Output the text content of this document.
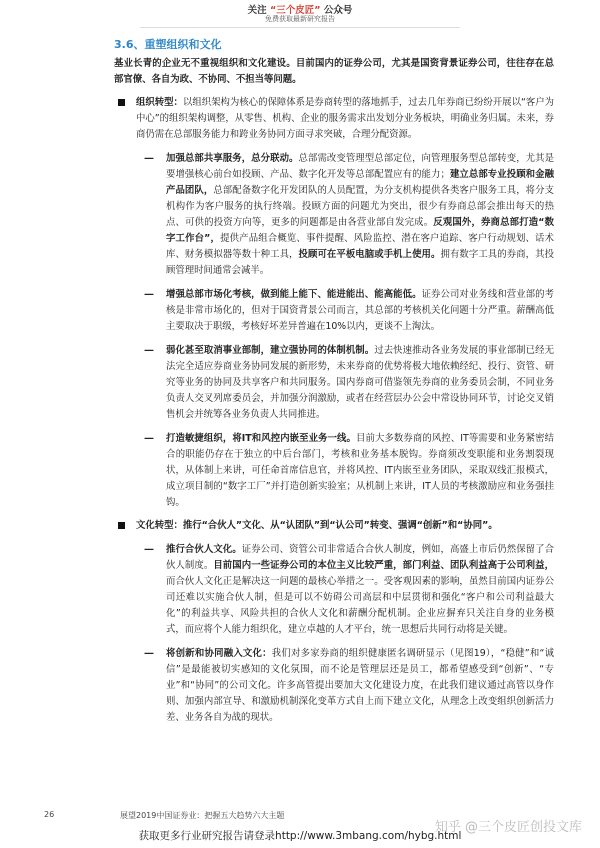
关注 “三个皮匠” 公众号
免费获取最新研究报告
3.6、重塑组织和文化

基业长青的企业无不重视组织和文化建设。目前国内的证券公司，尤其是国资背景证券公司，往往存在总部官僚、各自为政、不协同、不担当等问题。

组织转型：以组织架构为核心的保障体系是券商转型的落地抓手，过去几年券商已纷纷开展以“客户为中心”的组织架构调整，从零售、机构、企业的服务需求出发划分业务板块，明确业务归属。未来，券商仍需在总部服务能力和跨业务协同方面寻求突破，合理分配资源。

— 加强总部共享服务，总分联动。总部需改变管理型总部定位，向管理服务型总部转变，尤其是要增强核心前台如投顾、产品、数字化开发等总部配置应有的能力；建立总部专业投顾和金融产品团队，总部配备数字化开发团队的人员配置，为分支机构提供各类客户服务工具，将分支机构作为客户服务的执行终端。投顾方面的问题尤为突出，很少有券商总部会推出每天的热点、可供的投资方向等，更多的问题都是由各营业部自发完成。反观国外，券商总部打造“数字工作台”，提供产品组合概览、事件提醒、风险监控、潜在客户追踪、客户行动规划、话术库、财务模拟器等数十种工具，投顾可在平板电脑或手机上使用。拥有数字工具的券商，其投顾管理时间通常会减半。

— 增强总部市场化考核，做到能上能下、能进能出、能高能低。证券公司对业务线和营业部的考核是非常市场化的，但对于国资背景公司而言，其总部的考核机关化问题十分严重。薪酬高低主要取决于职级，考核好坏差异普遍在10%以内，更谈不上淘汰。

— 弱化甚至取消事业部制，建立强协同的体制机制。过去快速推动各业务发展的事业部制已经无法完全适应券商业务协同发展的新形势，未来券商的优势将极大地依赖经纪、投行、资管、研究等业务的协同及共享客户和共同服务。国内券商可借鉴领先券商的业务委员会制，不同业务负责人交叉列席委员会，并加强分润激励，或者在经营层办公会中常设协同环节，讨论交叉销售机会并统筹各业务负责人共同推进。

— 打造敏捷组织，将IT和风控内嵌至业务一线。目前大多数券商的风控、IT等需要和业务紧密结合的职能仍存在于独立的中后台部门，考核和业务基本脱钩。券商须改变职能和业务割裂现状，从体制上来讲，可任命首席信息官，并将风控、IT内嵌至业务团队，采取双线汇报模式，成立项目制的“数字工厂”并打造创新实验室；从机制上来讲，IT人员的考核激励应和业务强挂钩。

文化转型：推行“合伙人”文化、从“认团队”到“认公司”转变、强调“创新”和“协同”。

— 推行合伙人文化。证券公司、资管公司非常适合合伙人制度，例如，高盛上市后仍然保留了合伙人制度。目前国内一些证券公司的本位主义比较严重，部门利益、团队利益高于公司利益，而合伙人文化正是解决这一问题的最核心举措之一。受客观因素的影响，虽然目前国内证券公司还难以实施合伙人制，但是可以不妨碍公司高层和中层贯彻和强化“客户和公司利益最大化”的利益共享、风险共担的合伙人文化和薪酬分配机制。企业应摒弃只关注自身的业务模式，而应将个人能力组织化，建立卓越的人才平台，统一思想后共同行动将是关键。

— 将创新和协同融入文化：我们对多家券商的组织健康匿名调研显示（见图19），“稳健”和“诚信”是最能被切实感知的文化氛围，而不论是管理层还是员工，都希望感受到“创新”、“专业”和“协同”的公司文化。许多高管提出要加大文化建设力度，在此我们建议通过高管以身作则、加强内部宣导、和激励机制深化变革方式自上而下建立文化，从理念上改变组织创新活力差、业务各自为战的现状。

26	展望2019中国证券业：把握五大趋势六大主题
知乎 @三个皮匠创投文库
获取更多行业研究报告请登录http://www.3mbang.com/hybg.html
